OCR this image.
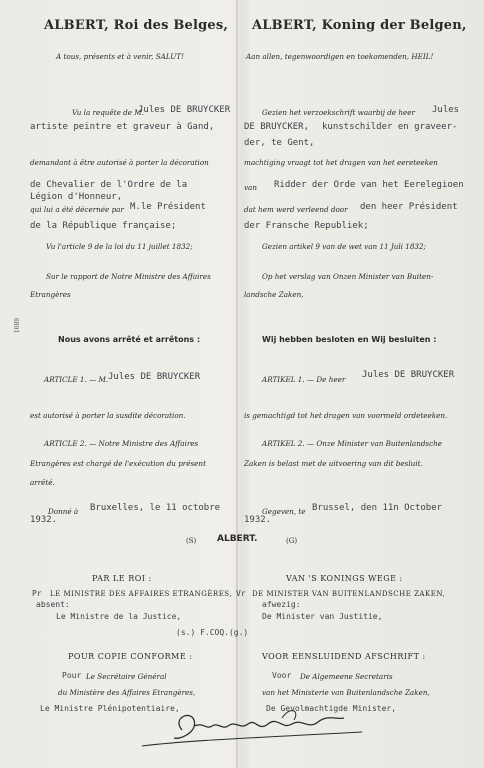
1089
ALBERT, Roi des Belges, ALBERT, Koning der Belgen,
A tous, présents et à venir, SALUT!	Aan allen, tegenwoordigen en toekomenden, HEIL!
Vu la requête de M.
Jules DE BRUYCKER
artiste peintre et graveur à Gand,
Gezien het verzoekschrift waarbij de heer Jules
DE BRUYCKER, kunstschilder en graveer-
der, te Gent,
demandant à être autorisé à porter la décoration	machtiging vraagt tot het dragen van het eereteeken
de Chevalier de l'Ordre de la
Légion d'Honneur,
qui lui a été décernée par M.le Président
de la République française;
van Ridder der Orde van het Eerelegioen
dat hem werd verleend door den heer Président
der Fransche Republiek;
Vu l'article 9 de la loi du 11 juillet 1832;	Gezien artikel 9 van de wet van 11 Juli 1832;
Sur le rapport de Notre Ministre des Affaires
Etrangères
Op het verslag van Onzen Minister van Buiten-
landsche Zaken,
Nous avons arrêté et arrêtons :	Wij hebben besloten en Wij besluiten :
ARTICLE 1. — M. Jules DE BRUYCKER	ARTIKEL 1. — De heer Jules DE BRUYCKER
est autorisé à porter la susdite décoration.	is gemachtigd tot het dragen van voormeld ordeteeken.
ARTICLE 2. — Notre Ministre des Affaires
Etrangères est chargé de l'exécution du présent
arrêté.
ARTIKEL 2. — Onze Minister van Buitenlandsche
Zaken is belast met de uitvoering van dit besluit.
Donné à Bruxelles, le 11 octobre
1932.
Gegeven, te Brussel, den 11n October
1932.
(S) ALBERT.	(G)
PAR LE ROI :	VAN 'S KONINGS WEGE :
Pr LE MINISTRE DES AFFAIRES ETRANGÈRES,
absent:
Le Ministre de la Justice,
Vr DE MINISTER VAN BUITENLANDSCHE ZAKEN,
afwezig:
De Minister van Justitie,
(s.) F.COQ.(g.)
POUR COPIE CONFORME :	VOOR EENSLUIDEND AFSCHRIFT :
Pour Le Secrétaire Général
du Ministère des Affaires Etrangères,
Le Ministre Plénipotentiaire,
Voor De Algemeene Secretaris
van het Ministerie van Buitenlandsche Zaken,
De Gevolmachtigde Minister,
